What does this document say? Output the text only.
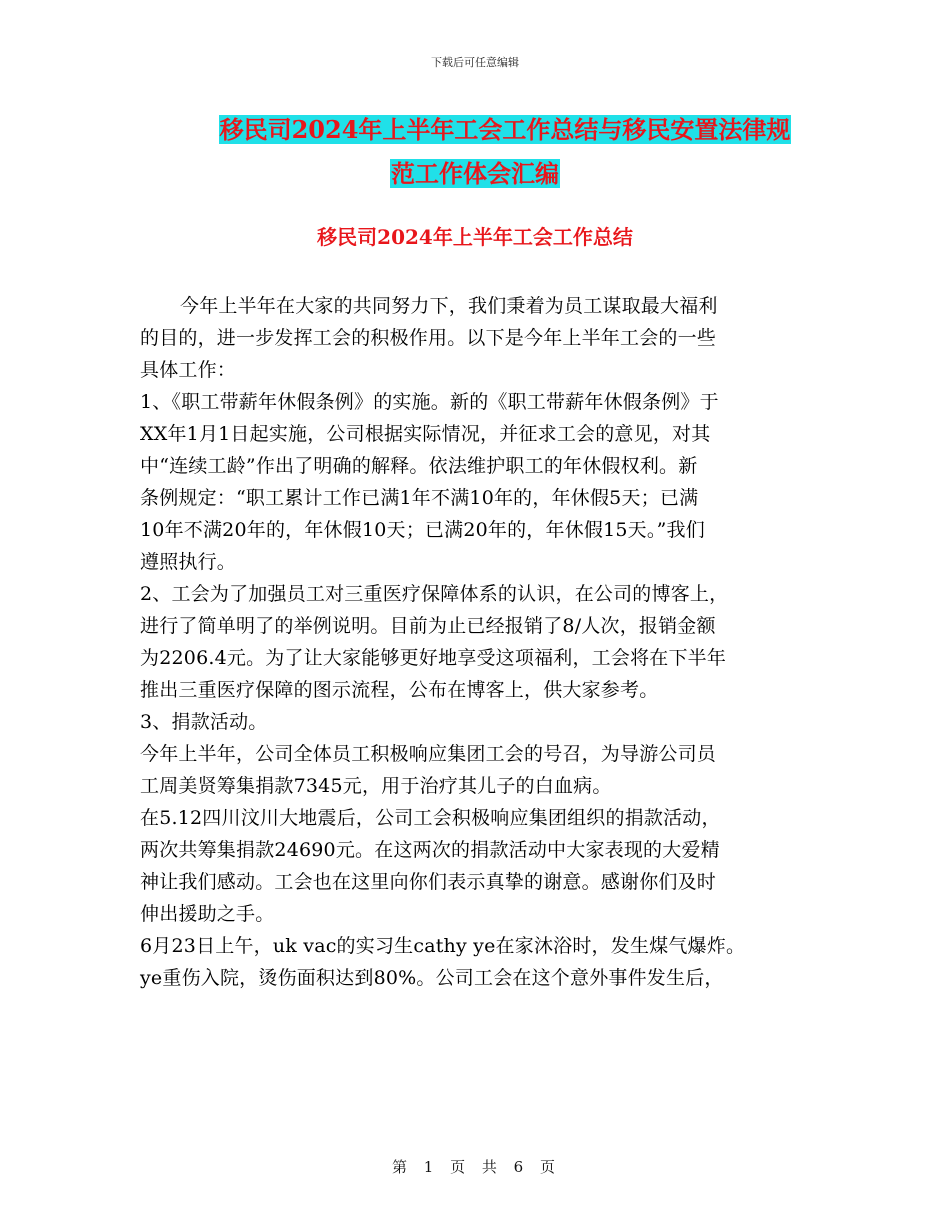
下载后可任意编辑
移民司2024年上半年工会工作总结与移民安置法律规
范工作体会汇编
移民司2024年上半年工会工作总结
今年上半年在大家的共同努力下，我们秉着为员工谋取最大福利
的目的，进一步发挥工会的积极作用。以下是今年上半年工会的一些
具体工作：
1、《职工带薪年休假条例》的实施。新的《职工带薪年休假条例》于
XX年1月1日起实施，公司根据实际情况，并征求工会的意见，对其
中“连续工龄”作出了明确的解释。依法维护职工的年休假权利。新
条例规定：“职工累计工作已满1年不满10年的，年休假5天；已满
10年不满20年的，年休假10天；已满20年的，年休假15天。”我们
遵照执行。
2、工会为了加强员工对三重医疗保障体系的认识，在公司的博客上，
进行了简单明了的举例说明。目前为止已经报销了8/人次，报销金额
为2206.4元。为了让大家能够更好地享受这项福利，工会将在下半年
推出三重医疗保障的图示流程，公布在博客上，供大家参考。
3、捐款活动。
今年上半年，公司全体员工积极响应集团工会的号召，为导游公司员
工周美贤筹集捐款7345元，用于治疗其儿子的白血病。
在5.12四川汶川大地震后，公司工会积极响应集团组织的捐款活动，
两次共筹集捐款24690元。在这两次的捐款活动中大家表现的大爱精
神让我们感动。工会也在这里向你们表示真挚的谢意。感谢你们及时
伸出援助之手。
6月23日上午，uk vac的实习生cathy ye在家沐浴时，发生煤气爆炸。
ye重伤入院，烫伤面积达到80%。公司工会在这个意外事件发生后，
第 1 页 共 6 页
